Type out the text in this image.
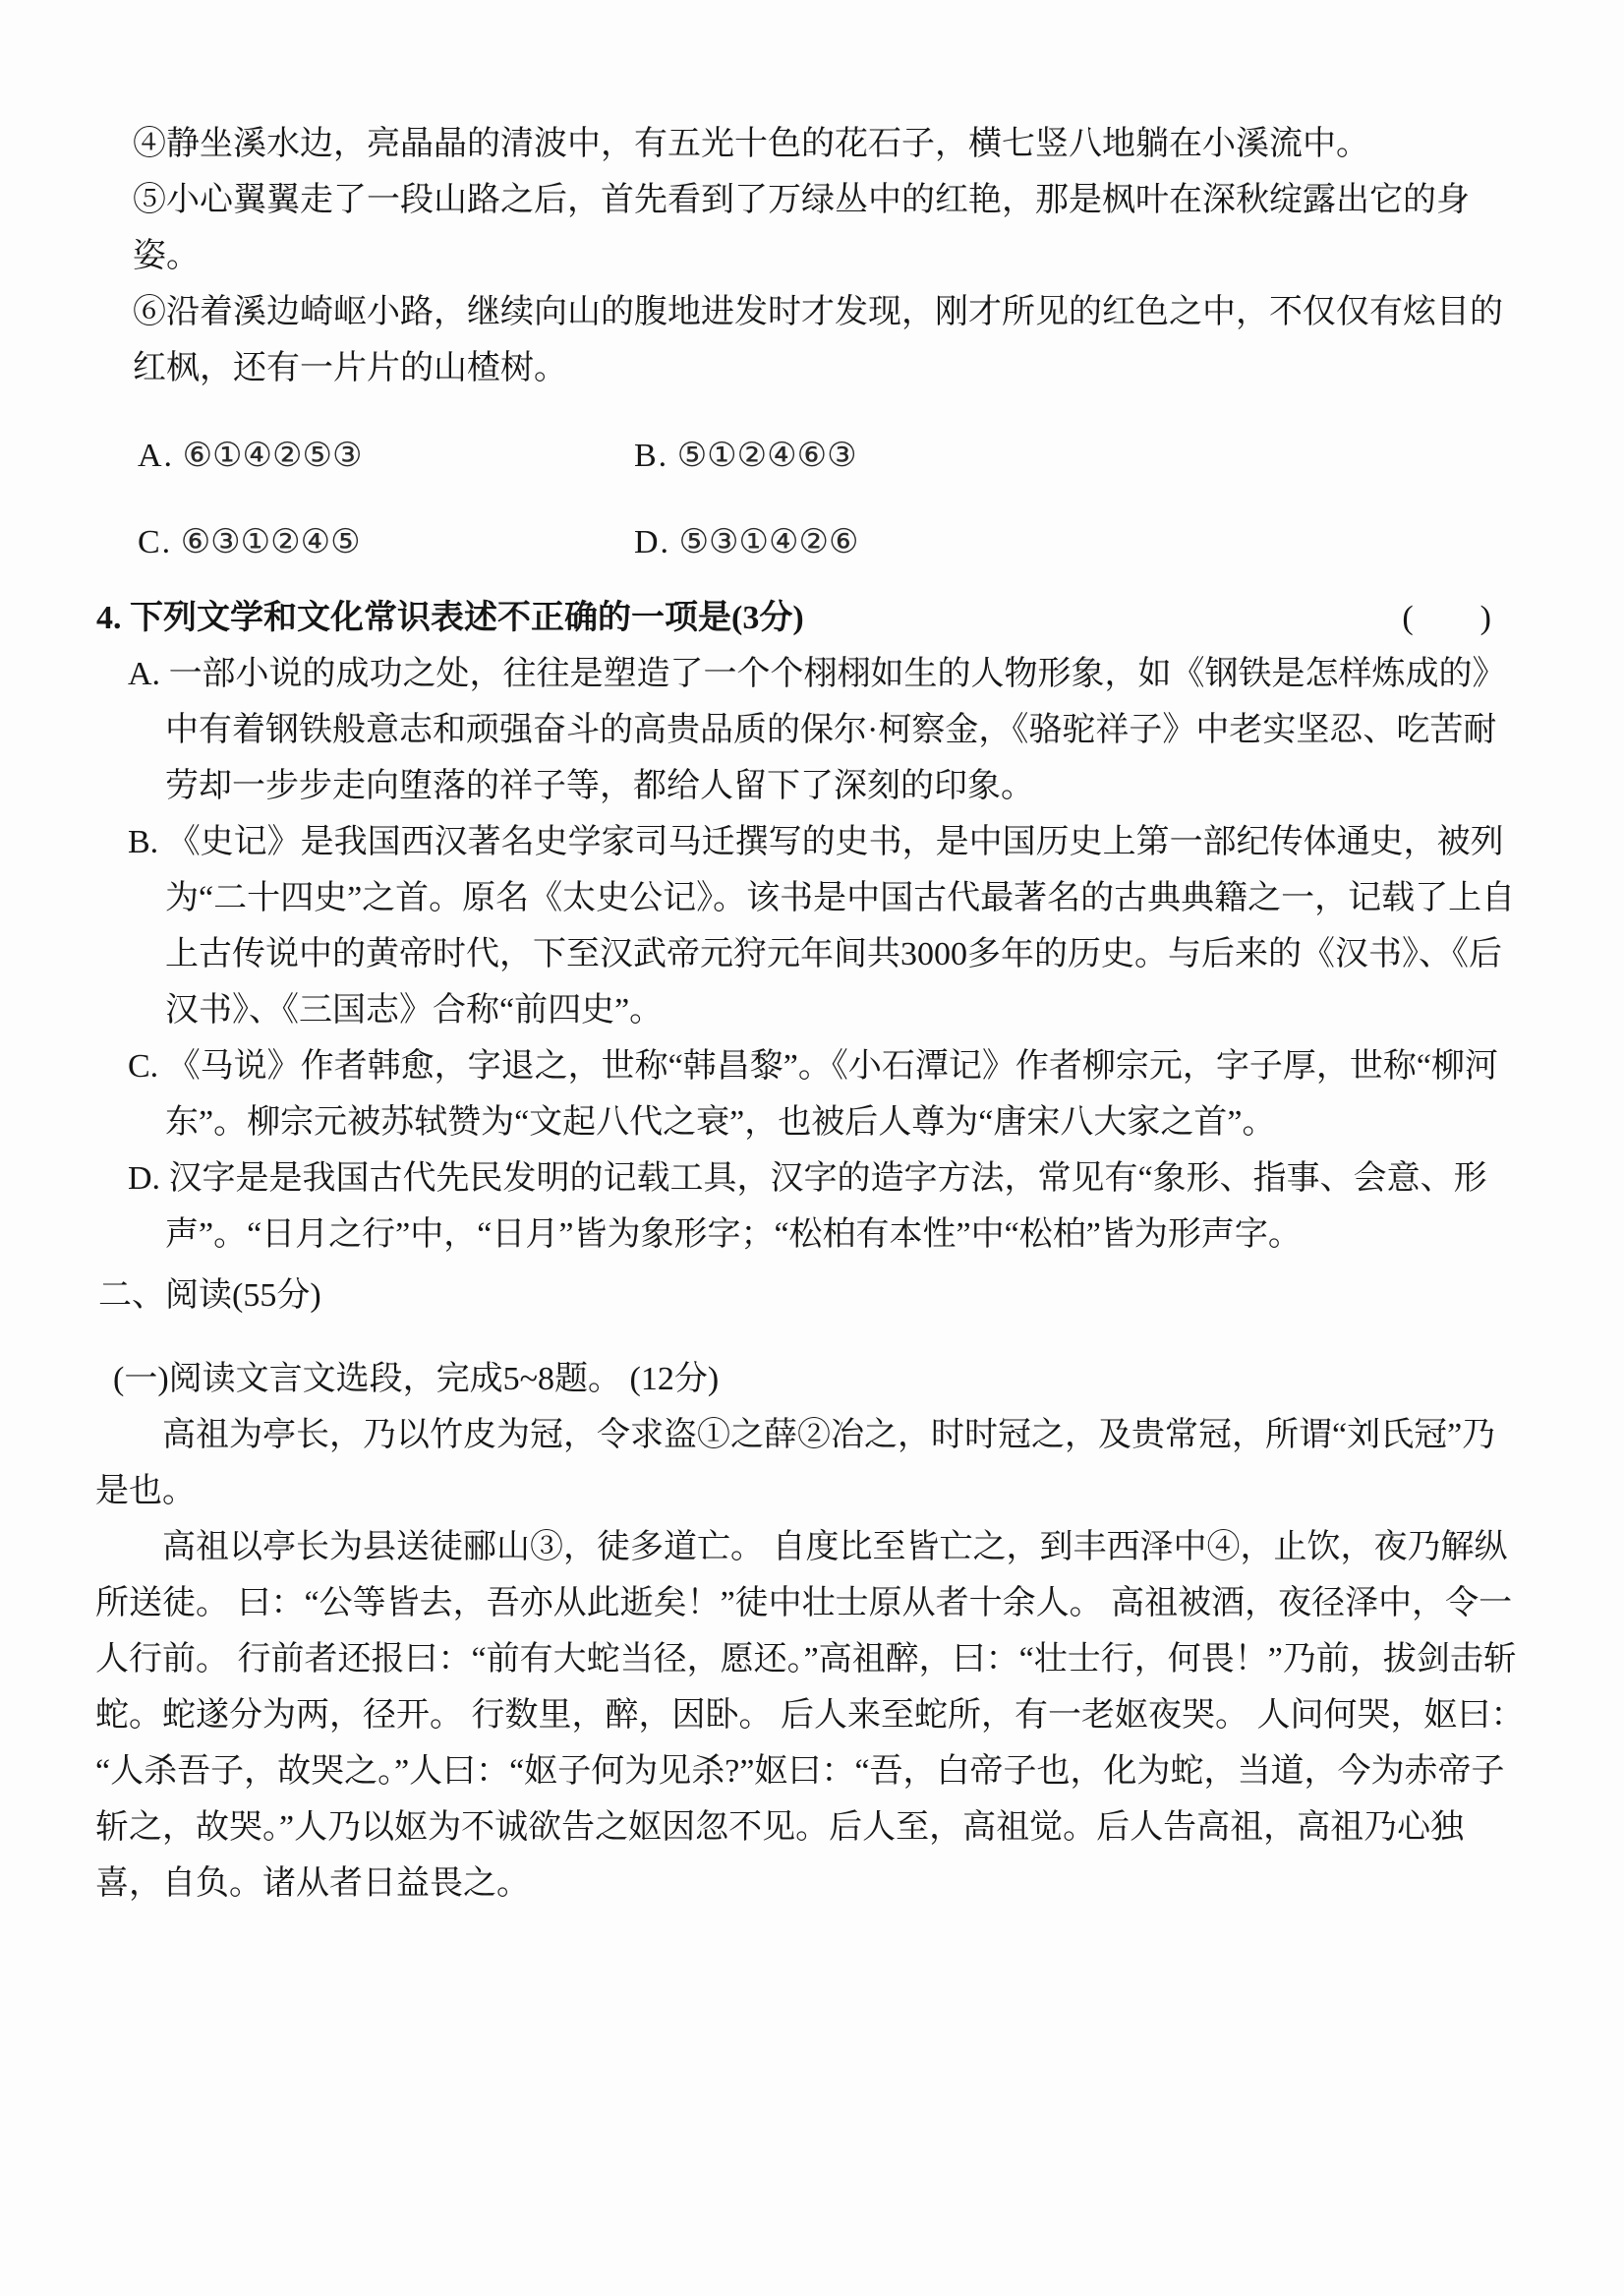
④静坐溪水边，亮晶晶的清波中，有五光十色的花石子，横七竖八地躺在小溪流中。
⑤小心翼翼走了一段山路之后，首先看到了万绿丛中的红艳，那是枫叶在深秋绽露出它的身姿。
⑥沿着溪边崎岖小路，继续向山的腹地进发时才发现，刚才所见的红色之中，不仅仅有炫目的红枫，还有一片片的山楂树。
A. ⑥①④②⑤③	B. ⑤①②④⑥③
C. ⑥③①②④⑤	D. ⑤③①④②⑥
4. 下列文学和文化常识表述不正确的一项是(3分)	(　　)
A. 一部小说的成功之处，往往是塑造了一个个栩栩如生的人物形象，如《钢铁是怎样炼成的》中有着钢铁般意志和顽强奋斗的高贵品质的保尔·柯察金，《骆驼祥子》中老实坚忍、吃苦耐劳却一步步走向堕落的祥子等，都给人留下了深刻的印象。
B. 《史记》是我国西汉著名史学家司马迁撰写的史书，是中国历史上第一部纪传体通史，被列为“二十四史”之首。原名《太史公记》。该书是中国古代最著名的古典典籍之一，记载了上自上古传说中的黄帝时代，下至汉武帝元狩元年间共3000多年的历史。与后来的《汉书》、《后汉书》、《三国志》合称“前四史”。
C. 《马说》作者韩愈，字退之，世称“韩昌黎”。《小石潭记》作者柳宗元，字子厚，世称“柳河东”。柳宗元被苏轼赞为“文起八代之衰”，也被后人尊为“唐宋八大家之首”。
D. 汉字是是我国古代先民发明的记载工具，汉字的造字方法，常见有“象形、指事、会意、形声”。“日月之行”中，“日月”皆为象形字；“松柏有本性”中“松柏”皆为形声字。
二、阅读(55分)
(一)阅读文言文选段，完成5~8题。 (12分)
高祖为亭长，乃以竹皮为冠，令求盗①之薛②冶之，时时冠之，及贵常冠，所谓“刘氏冠”乃是也。
高祖以亭长为县送徒郦山③，徒多道亡。 自度比至皆亡之，到丰西泽中④，止饮，夜乃解纵所送徒。 曰：“公等皆去，吾亦从此逝矣！”徒中壮士原从者十余人。 高祖被酒，夜径泽中，令一人行前。 行前者还报曰：“前有大蛇当径，愿还。”高祖醉，曰：“壮士行，何畏！”乃前，拔剑击斩蛇。蛇遂分为两，径开。 行数里，醉，因卧。 后人来至蛇所，有一老妪夜哭。 人问何哭，妪曰：“人杀吾子，故哭之。”人曰：“妪子何为见杀?”妪曰：“吾，白帝子也，化为蛇，当道，今为赤帝子斩之，故哭。”人乃以妪为不诚欲告之妪因忽不见。后人至，高祖觉。后人告高祖，高祖乃心独喜，自负。诸从者日益畏之。
